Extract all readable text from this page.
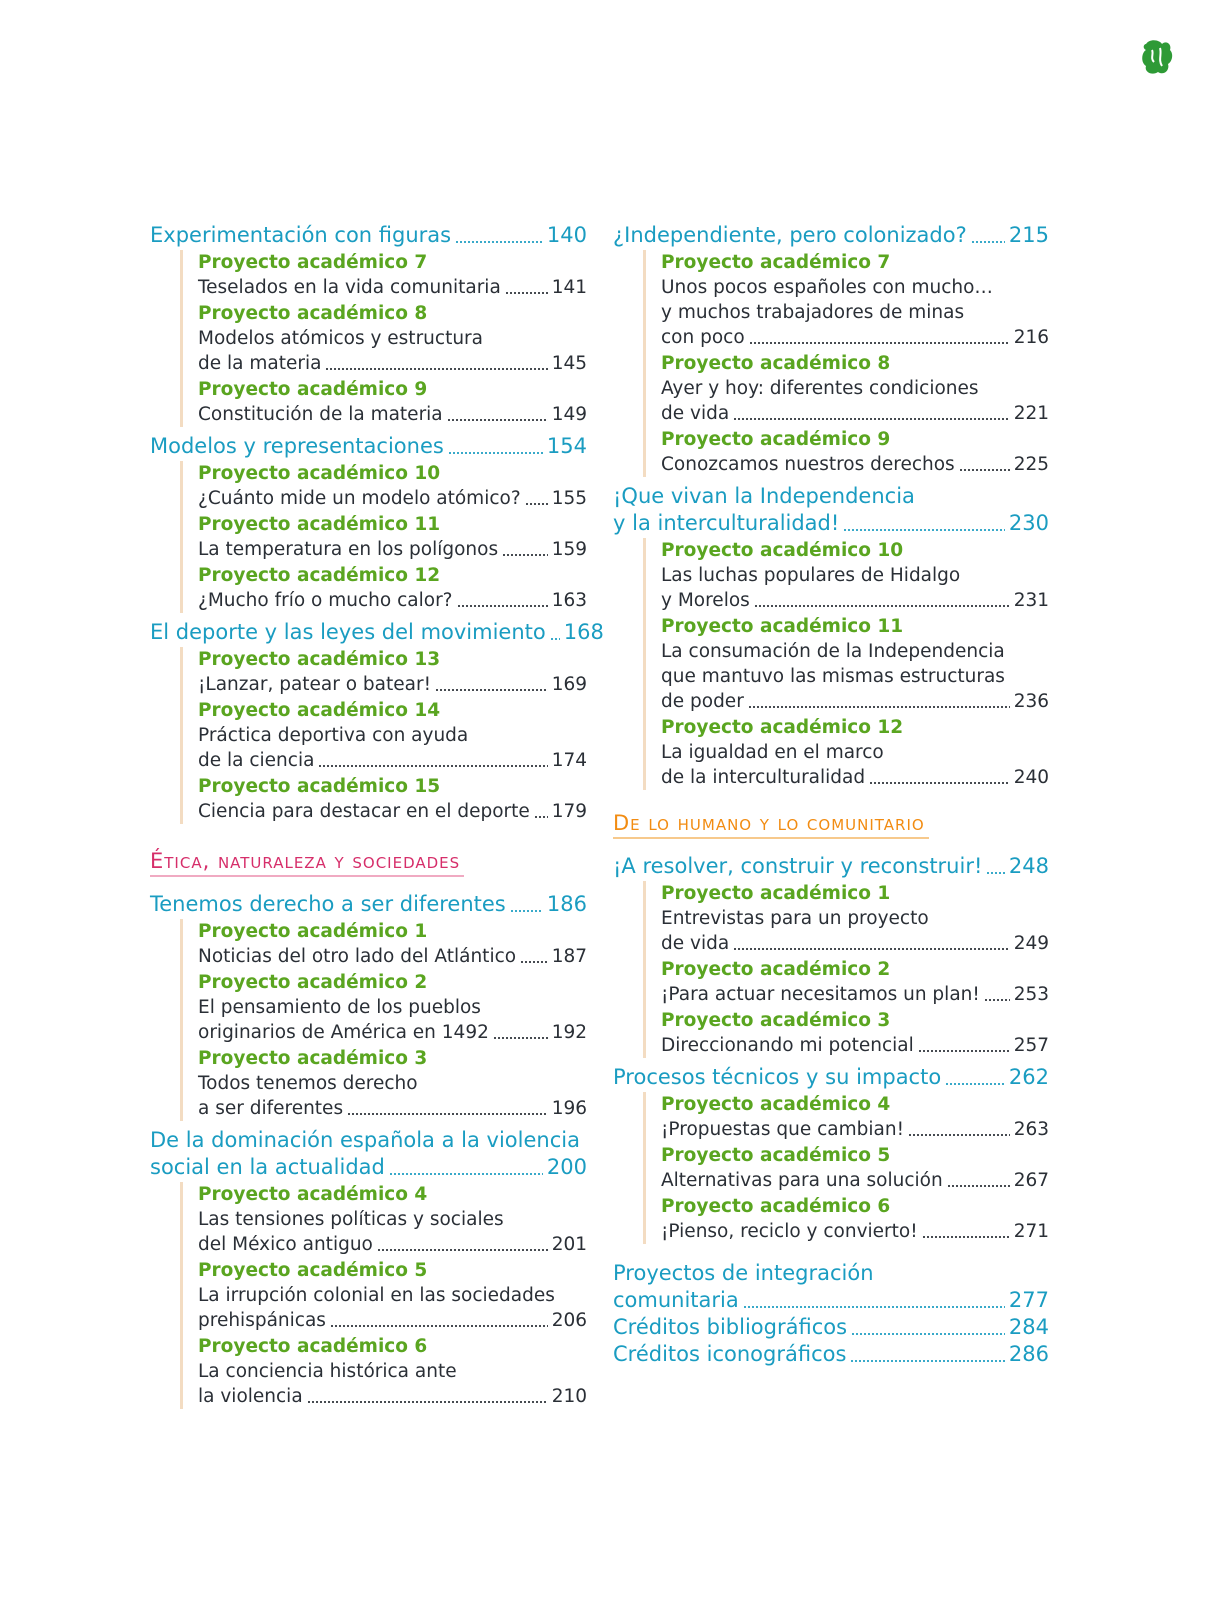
Experimentación con figuras	140
Proyecto académico 7
Teselados en la vida comunitaria	141
Proyecto académico 8
Modelos atómicos y estructura
de la materia	145
Proyecto académico 9
Constitución de la materia	149
Modelos y representaciones	154
Proyecto académico 10
¿Cuánto mide un modelo atómico? 155
Proyecto académico 11
La temperatura en los polígonos	159
Proyecto académico 12
¿Mucho frío o mucho calor?	163
El deporte y las leyes del movimiento 168
Proyecto académico 13
¡Lanzar, patear o batear!	169
Proyecto académico 14
Práctica deportiva con ayuda
de la ciencia	174
Proyecto académico 15
Ciencia para destacar en el deporte 179
Ética, naturaleza y sociedades
Tenemos derecho a ser diferentes 186
Proyecto académico 1
Noticias del otro lado del Atlántico 187
Proyecto académico 2
El pensamiento de los pueblos
originarios de América en 1492	192
Proyecto académico 3
Todos tenemos derecho
a ser diferentes	196
De la dominación española a la violencia
social en la actualidad	200
Proyecto académico 4
Las tensiones políticas y sociales
del México antiguo	201
Proyecto académico 5
La irrupción colonial en las sociedades
prehispánicas	206
Proyecto académico 6
La conciencia histórica ante
la violencia	210
¿Independiente, pero colonizado? 215
Proyecto académico 7
Unos pocos españoles con mucho…
y muchos trabajadores de minas
con poco	216
Proyecto académico 8
Ayer y hoy: diferentes condiciones
de vida	221
Proyecto académico 9
Conozcamos nuestros derechos	225
¡Que vivan la Independencia
y la interculturalidad!	230
Proyecto académico 10
Las luchas populares de Hidalgo
y Morelos	231
Proyecto académico 11
La consumación de la Independencia
que mantuvo las mismas estructuras
de poder	236
Proyecto académico 12
La igualdad en el marco
de la interculturalidad	240
De lo humano y lo comunitario
¡A resolver, construir y reconstruir! 248
Proyecto académico 1
Entrevistas para un proyecto
de vida	249
Proyecto académico 2
¡Para actuar necesitamos un plan! 253
Proyecto académico 3
Direccionando mi potencial	257
Procesos técnicos y su impacto	262
Proyecto académico 4
¡Propuestas que cambian!	263
Proyecto académico 5
Alternativas para una solución	267
Proyecto académico 6
¡Pienso, reciclo y convierto!	271
Proyectos de integración
comunitaria	277
Créditos bibliográficos	284
Créditos iconográficos	286
